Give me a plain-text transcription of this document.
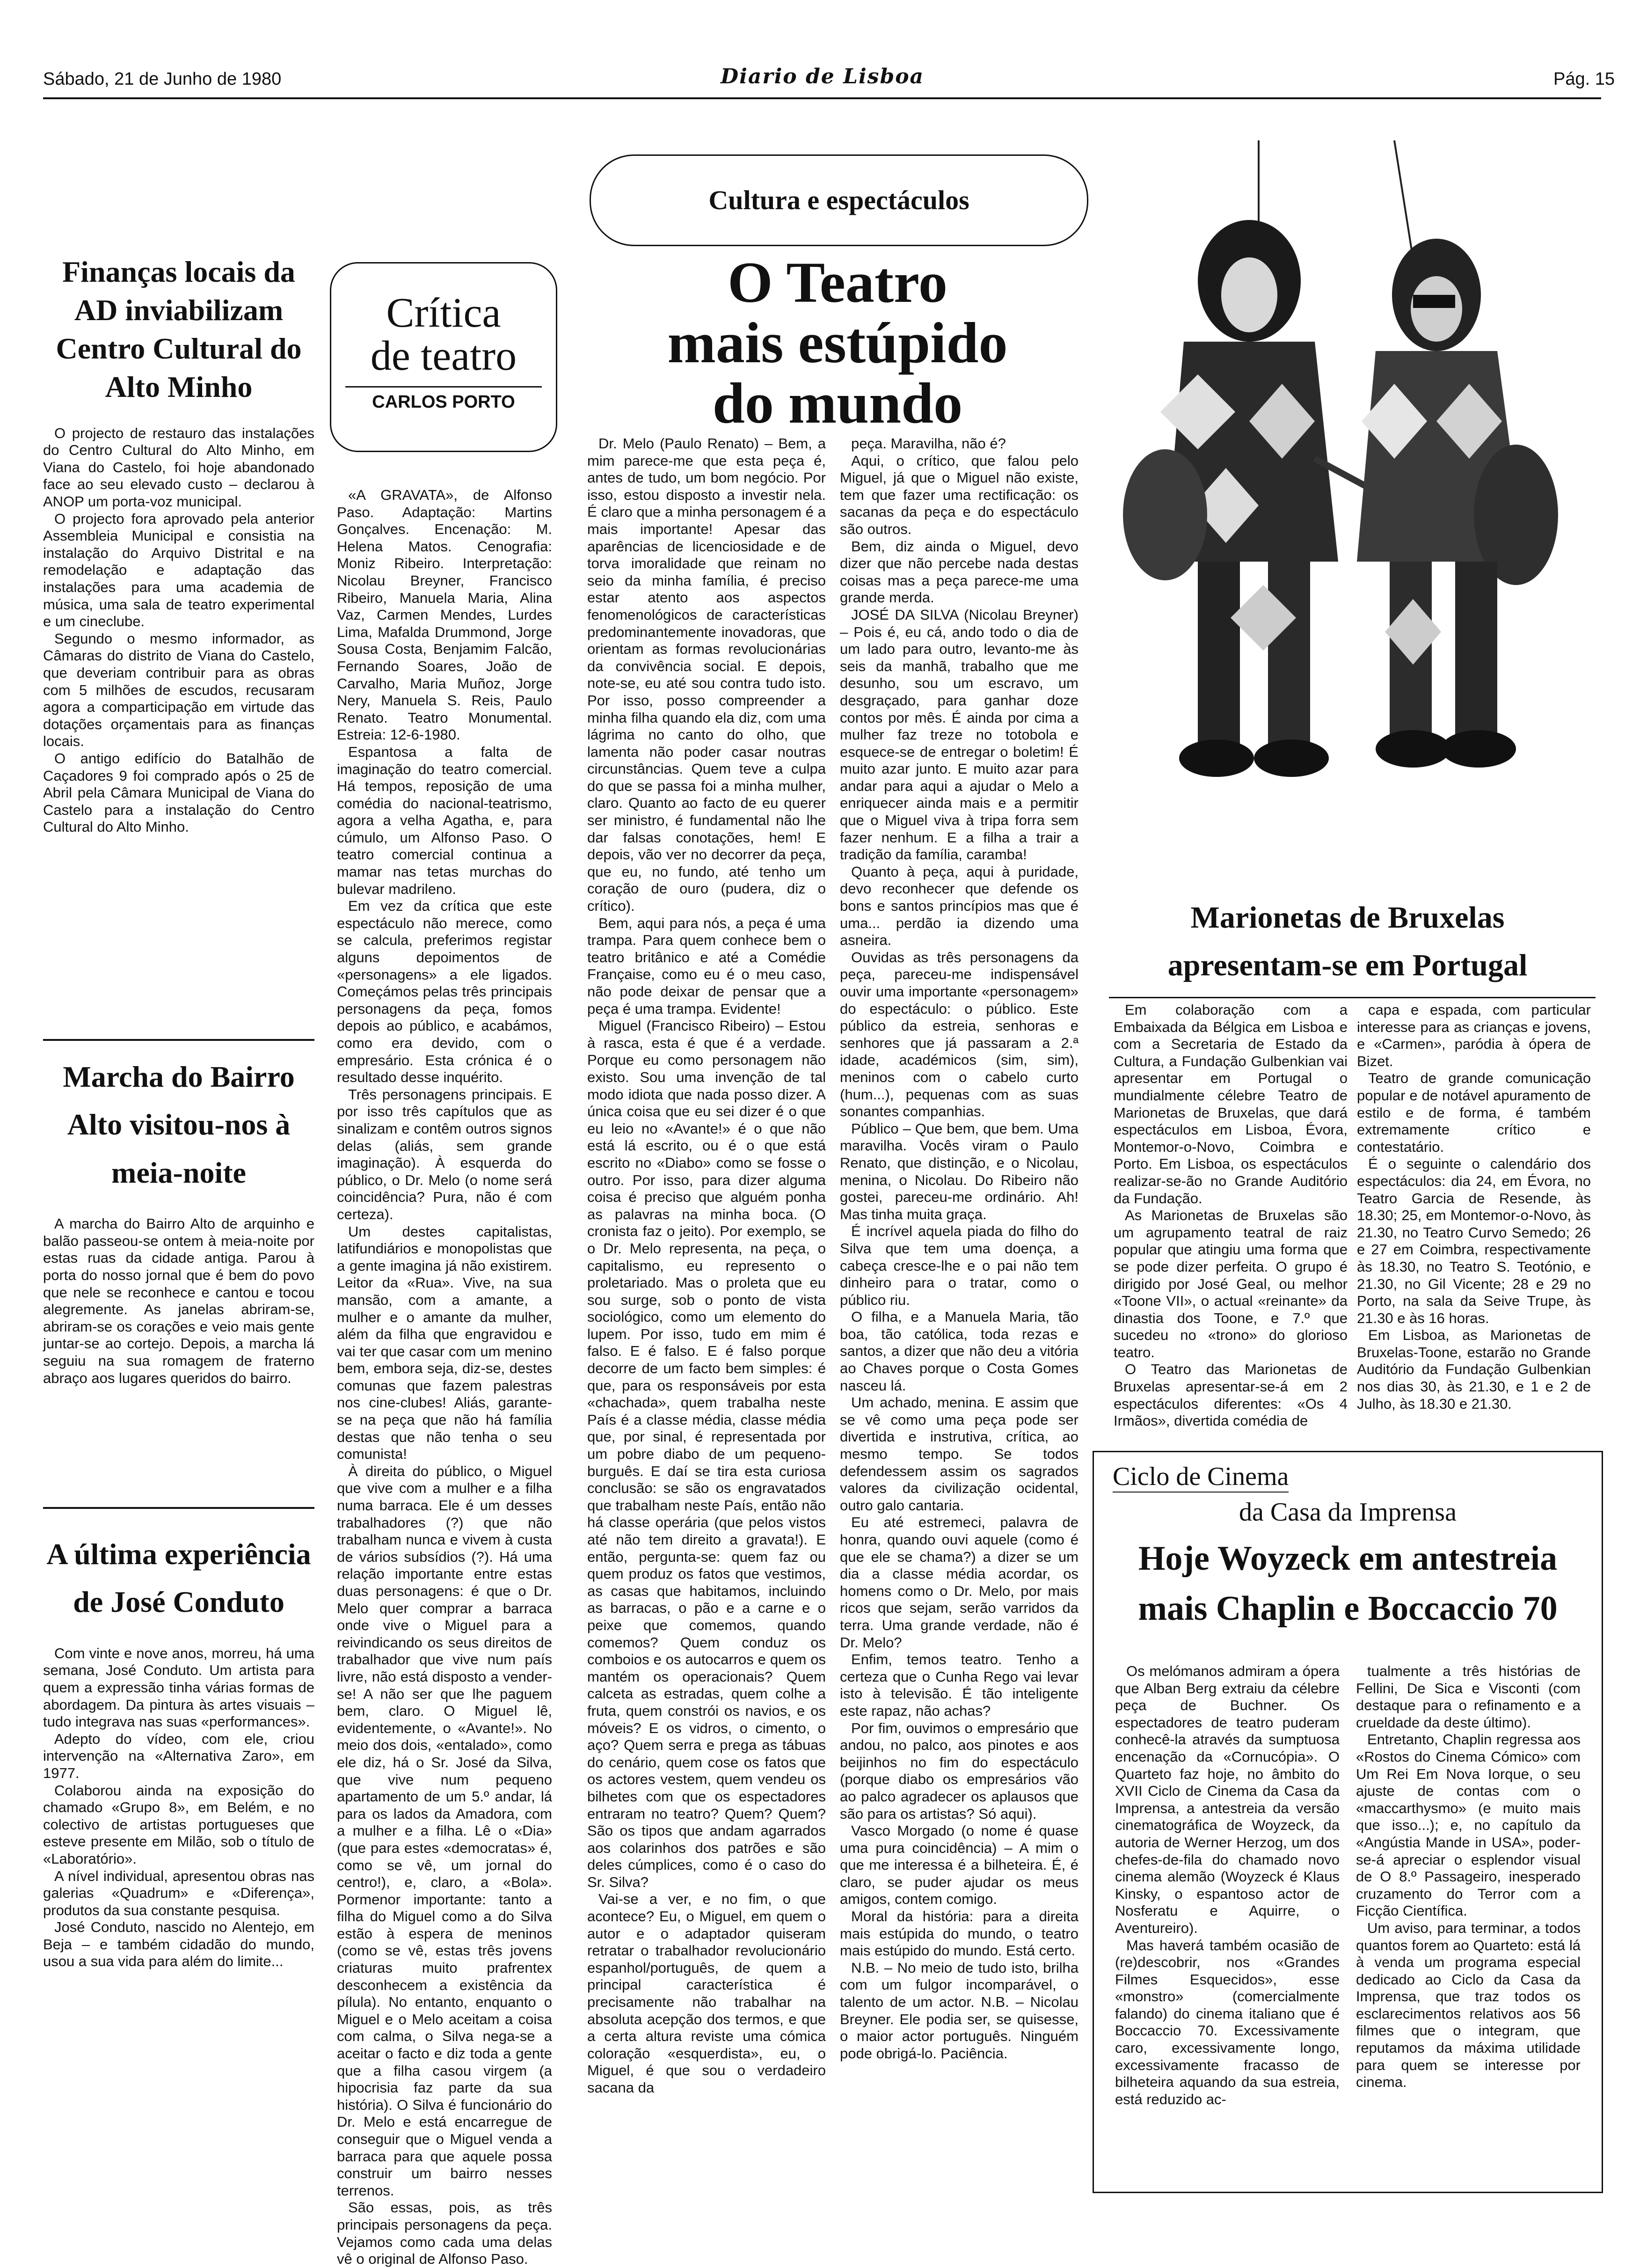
Sábado, 21 de Junho de 1980	Diario de Lisboa	Pág. 15
Finanças locais da AD inviabilizam Centro Cultural do Alto Minho

O projecto de restauro das instalações do Centro Cultural do Alto Minho, em Viana do Castelo, foi hoje abandonado face ao seu elevado custo – declarou à ANOP um porta-voz municipal.

O projecto fora aprovado pela anterior Assembleia Municipal e consistia na instalação do Arquivo Distrital e na remodelação e adaptação das instalações para uma academia de música, uma sala de teatro experimental e um cineclube.

Segundo o mesmo informador, as Câmaras do distrito de Viana do Castelo, que deveriam contribuir para as obras com 5 milhões de escudos, recusaram agora a comparticipação em virtude das dotações orçamentais para as finanças locais.

O antigo edifício do Batalhão de Caçadores 9 foi comprado após o 25 de Abril pela Câmara Municipal de Viana do Castelo para a instalação do Centro Cultural do Alto Minho.

Marcha do Bairro Alto visitou-nos à meia-noite

A marcha do Bairro Alto de arquinho e balão passeou-se ontem à meia-noite por estas ruas da cidade antiga. Parou à porta do nosso jornal que é bem do povo que nele se reconhece e cantou e tocou alegremente. As janelas abriram-se, abriram-se os corações e veio mais gente juntar-se ao cortejo. Depois, a marcha lá seguiu na sua romagem de fraterno abraço aos lugares queridos do bairro.

A última experiência de José Conduto

Com vinte e nove anos, morreu, há uma semana, José Conduto. Um artista para quem a expressão tinha várias formas de abordagem. Da pintura às artes visuais – tudo integrava nas suas «performances».

Adepto do vídeo, com ele, criou intervenção na «Alternativa Zaro», em 1977.

Colaborou ainda na exposição do chamado «Grupo 8», em Belém, e no colectivo de artistas portugueses que esteve presente em Milão, sob o título de «Laboratório».

A nível individual, apresentou obras nas galerias «Quadrum» e «Diferença», produtos da sua constante pesquisa.

José Conduto, nascido no Alentejo, em Beja – e também cidadão do mundo, usou a sua vida para além do limite...

Crítica
de teatro
CARLOS PORTO

«A GRAVATA», de Alfonso Paso. Adaptação: Martins Gonçalves. Encenação: M. Helena Matos. Cenografia: Moniz Ribeiro. Interpretação: Nicolau Breyner, Francisco Ribeiro, Manuela Maria, Alina Vaz, Carmen Mendes, Lurdes Lima, Mafalda Drummond, Jorge Sousa Costa, Benjamim Falcão, Fernando Soares, João de Carvalho, Maria Muñoz, Jorge Nery, Manuela S. Reis, Paulo Renato. Teatro Monumental. Estreia: 12-6-1980.

Espantosa a falta de imaginação do teatro comercial. Há tempos, reposição de uma comédia do nacional-teatrismo, agora a velha Agatha, e, para cúmulo, um Alfonso Paso. O teatro comercial continua a mamar nas tetas murchas do bulevar madrileno.

Em vez da crítica que este espectáculo não merece, como se calcula, preferimos registar alguns depoimentos de «personagens» a ele ligados. Começámos pelas três principais personagens da peça, fomos depois ao público, e acabámos, como era devido, com o empresário. Esta crónica é o resultado desse inquérito.

Três personagens principais. E por isso três capítulos que as sinalizam e contêm outros signos delas (aliás, sem grande imaginação). À esquerda do público, o Dr. Melo (o nome será coincidência? Pura, não é com certeza).

Um destes capitalistas, latifundiários e monopolistas que a gente imagina já não existirem. Leitor da «Rua». Vive, na sua mansão, com a amante, a mulher e o amante da mulher, além da filha que engravidou e vai ter que casar com um menino bem, embora seja, diz-se, destes comunas que fazem palestras nos cine-clubes! Aliás, garante-se na peça que não há família destas que não tenha o seu comunista!

À direita do público, o Miguel que vive com a mulher e a filha numa barraca. Ele é um desses trabalhadores (?) que não trabalham nunca e vivem à custa de vários subsídios (?). Há uma relação importante entre estas duas personagens: é que o Dr. Melo quer comprar a barraca onde vive o Miguel para a reivindicando os seus direitos de trabalhador que vive num país livre, não está disposto a vender-se! A não ser que lhe paguem bem, claro. O Miguel lê, evidentemente, o «Avante!». No meio dos dois, «entalado», como ele diz, há o Sr. José da Silva, que vive num pequeno apartamento de um 5.º andar, lá para os lados da Amadora, com a mulher e a filha. Lê o «Dia» (que para estes «democratas» é, como se vê, um jornal do centro!), e, claro, a «Bola». Pormenor importante: tanto a filha do Miguel como a do Silva estão à espera de meninos (como se vê, estas três jovens criaturas muito prafrentex desconhecem a existência da pílula). No entanto, enquanto o Miguel e o Melo aceitam a coisa com calma, o Silva nega-se a aceitar o facto e diz toda a gente que a filha casou virgem (a hipocrisia faz parte da sua história). O Silva é funcionário do Dr. Melo e está encarregue de conseguir que o Miguel venda a barraca para que aquele possa construir um bairro nesses terrenos.

São essas, pois, as três principais personagens da peça. Vejamos como cada uma delas vê o original de Alfonso Paso.

Cultura e espectáculos
O Teatro
mais estúpido
do mundo

Dr. Melo (Paulo Renato) – Bem, a mim parece-me que esta peça é, antes de tudo, um bom negócio. Por isso, estou disposto a investir nela. É claro que a minha personagem é a mais importante! Apesar das aparências de licenciosidade e de torva imoralidade que reinam no seio da minha família, é preciso estar atento aos aspectos fenomenológicos de características predominantemente inovadoras, que orientam as formas revolucionárias da convivência social. E depois, note-se, eu até sou contra tudo isto. Por isso, posso compreender a minha filha quando ela diz, com uma lágrima no canto do olho, que lamenta não poder casar noutras circunstâncias. Quem teve a culpa do que se passa foi a minha mulher, claro. Quanto ao facto de eu querer ser ministro, é fundamental não lhe dar falsas conotações, hem! E depois, vão ver no decorrer da peça, que eu, no fundo, até tenho um coração de ouro (pudera, diz o crítico).

Bem, aqui para nós, a peça é uma trampa. Para quem conhece bem o teatro britânico e até a Comédie Française, como eu é o meu caso, não pode deixar de pensar que a peça é uma trampa. Evidente!

Miguel (Francisco Ribeiro) – Estou à rasca, esta é que é a verdade. Porque eu como personagem não existo. Sou uma invenção de tal modo idiota que nada posso dizer. A única coisa que eu sei dizer é o que eu leio no «Avante!» é o que não está lá escrito, ou é o que está escrito no «Diabo» como se fosse o outro. Por isso, para dizer alguma coisa é preciso que alguém ponha as palavras na minha boca. (O cronista faz o jeito). Por exemplo, se o Dr. Melo representa, na peça, o capitalismo, eu represento o proletariado. Mas o proleta que eu sou surge, sob o ponto de vista sociológico, como um elemento do lupem. Por isso, tudo em mim é falso. E é falso. E é falso porque decorre de um facto bem simples: é que, para os responsáveis por esta «chachada», quem trabalha neste País é a classe média, classe média que, por sinal, é representada por um pobre diabo de um pequeno-burguês. E daí se tira esta curiosa conclusão: se são os engravatados que trabalham neste País, então não há classe operária (que pelos vistos até não tem direito a gravata!). E então, pergunta-se: quem faz ou quem produz os fatos que vestimos, as casas que habitamos, incluindo as barracas, o pão e a carne e o peixe que comemos, quando comemos? Quem conduz os comboios e os autocarros e quem os mantém os operacionais? Quem calceta as estradas, quem colhe a fruta, quem constrói os navios, e os móveis? E os vidros, o cimento, o aço? Quem serra e prega as tábuas do cenário, quem cose os fatos que os actores vestem, quem vendeu os bilhetes com que os espectadores entraram no teatro? Quem? Quem? São os tipos que andam agarrados aos colarinhos dos patrões e são deles cúmplices, como é o caso do Sr. Silva?

Vai-se a ver, e no fim, o que acontece? Eu, o Miguel, em quem o autor e o adaptador quiseram retratar o trabalhador revolucionário espanhol/português, de quem a principal característica é precisamente não trabalhar na absoluta acepção dos termos, e que a certa altura reviste uma cómica coloração «esquerdista», eu, o Miguel, é que sou o verdadeiro sacana da

peça. Maravilha, não é?

Aqui, o crítico, que falou pelo Miguel, já que o Miguel não existe, tem que fazer uma rectificação: os sacanas da peça e do espectáculo são outros.

Bem, diz ainda o Miguel, devo dizer que não percebe nada destas coisas mas a peça parece-me uma grande merda.

JOSÉ DA SILVA (Nicolau Breyner) – Pois é, eu cá, ando todo o dia de um lado para outro, levanto-me às seis da manhã, trabalho que me desunho, sou um escravo, um desgraçado, para ganhar doze contos por mês. É ainda por cima a mulher faz treze no totobola e esquece-se de entregar o boletim! É muito azar junto. E muito azar para andar para aqui a ajudar o Melo a enriquecer ainda mais e a permitir que o Miguel viva à tripa forra sem fazer nenhum. E a filha a trair a tradição da família, caramba!

Quanto à peça, aqui à puridade, devo reconhecer que defende os bons e santos princípios mas que é uma... perdão ia dizendo uma asneira.

Ouvidas as três personagens da peça, pareceu-me indispensável ouvir uma importante «personagem» do espectáculo: o público. Este público da estreia, senhoras e senhores que já passaram a 2.ª idade, académicos (sim, sim), meninos com o cabelo curto (hum...), pequenas com as suas sonantes companhias.

Público – Que bem, que bem. Uma maravilha. Vocês viram o Paulo Renato, que distinção, e o Nicolau, menina, o Nicolau. Do Ribeiro não gostei, pareceu-me ordinário. Ah! Mas tinha muita graça.

É incrível aquela piada do filho do Silva que tem uma doença, a cabeça cresce-lhe e o pai não tem dinheiro para o tratar, como o público riu.

O filha, e a Manuela Maria, tão boa, tão católica, toda rezas e santos, a dizer que não deu a vitória ao Chaves porque o Costa Gomes nasceu lá.

Um achado, menina. E assim que se vê como uma peça pode ser divertida e instrutiva, crítica, ao mesmo tempo. Se todos defendessem assim os sagrados valores da civilização ocidental, outro galo cantaria.

Eu até estremeci, palavra de honra, quando ouvi aquele (como é que ele se chama?) a dizer se um dia a classe média acordar, os homens como o Dr. Melo, por mais ricos que sejam, serão varridos da terra. Uma grande verdade, não é Dr. Melo?

Enfim, temos teatro. Tenho a certeza que o Cunha Rego vai levar isto à televisão. É tão inteligente este rapaz, não achas?

Por fim, ouvimos o empresário que andou, no palco, aos pinotes e aos beijinhos no fim do espectáculo (porque diabo os empresários vão ao palco agradecer os aplausos que são para os artistas? Só aqui).

Vasco Morgado (o nome é quase uma pura coincidência) – A mim o que me interessa é a bilheteira. É, é claro, se puder ajudar os meus amigos, contem comigo.

Moral da história: para a direita mais estúpida do mundo, o teatro mais estúpido do mundo. Está certo.

N.B. – No meio de tudo isto, brilha com um fulgor incomparável, o talento de um actor. N.B. – Nicolau Breyner. Ele podia ser, se quisesse, o maior actor português. Ninguém pode obrigá-lo. Paciência.

Marionetas de Bruxelas
apresentam-se em Portugal

Em colaboração com a Embaixada da Bélgica em Lisboa e com a Secretaria de Estado da Cultura, a Fundação Gulbenkian vai apresentar em Portugal o mundialmente célebre Teatro de Marionetas de Bruxelas, que dará espectáculos em Lisboa, Évora, Montemor-o-Novo, Coimbra e Porto. Em Lisboa, os espectáculos realizar-se-ão no Grande Auditório da Fundação.

As Marionetas de Bruxelas são um agrupamento teatral de raiz popular que atingiu uma forma que se pode dizer perfeita. O grupo é dirigido por José Geal, ou melhor «Toone VII», o actual «reinante» da dinastia dos Toone, e 7.º que sucedeu no «trono» do glorioso teatro.

O Teatro das Marionetas de Bruxelas apresentar-se-á em 2 espectáculos diferentes: «Os 4 Irmãos», divertida comédia de

capa e espada, com particular interesse para as crianças e jovens, e «Carmen», paródia à ópera de Bizet.

Teatro de grande comunicação popular e de notável apuramento de estilo e de forma, é também extremamente crítico e contestatário.

É o seguinte o calendário dos espectáculos: dia 24, em Évora, no Teatro Garcia de Resende, às 18.30; 25, em Montemor-o-Novo, às 21.30, no Teatro Curvo Semedo; 26 e 27 em Coimbra, respectivamente às 18.30, no Teatro S. Teotónio, e 21.30, no Gil Vicente; 28 e 29 no Porto, na sala da Seive Trupe, às 21.30 e às 16 horas.

Em Lisboa, as Marionetas de Bruxelas-Toone, estarão no Grande Auditório da Fundação Gulbenkian nos dias 30, às 21.30, e 1 e 2 de Julho, às 18.30 e 21.30.

Ciclo de Cinema
da Casa da Imprensa
Hoje Woyzeck em antestreia
mais Chaplin e Boccaccio 70

Os melómanos admiram a ópera que Alban Berg extraiu da célebre peça de Buchner. Os espectadores de teatro puderam conhecê-la através da sumptuosa encenação da «Cornucópia». O Quarteto faz hoje, no âmbito do XVII Ciclo de Cinema da Casa da Imprensa, a antestreia da versão cinematográfica de Woyzeck, da autoria de Werner Herzog, um dos chefes-de-fila do chamado novo cinema alemão (Woyzeck é Klaus Kinsky, o espantoso actor de Nosferatu e Aquirre, o Aventureiro).

Mas haverá também ocasião de (re)descobrir, nos «Grandes Filmes Esquecidos», esse «monstro» (comercialmente falando) do cinema italiano que é Boccaccio 70. Excessivamente caro, excessivamente longo, excessivamente fracasso de bilheteira aquando da sua estreia, está reduzido ac-

tualmente a três histórias de Fellini, De Sica e Visconti (com destaque para o refinamento e a crueldade da deste último).

Entretanto, Chaplin regressa aos «Rostos do Cinema Cómico» com Um Rei Em Nova Iorque, o seu ajuste de contas com o «maccarthysmo» (e muito mais que isso...); e, no capítulo da «Angústia Mande in USA», poder-se-á apreciar o esplendor visual de O 8.º Passageiro, inesperado cruzamento do Terror com a Ficção Científica.

Um aviso, para terminar, a todos quantos forem ao Quarteto: está lá à venda um programa especial dedicado ao Ciclo da Casa da Imprensa, que traz todos os esclarecimentos relativos aos 56 filmes que o integram, que reputamos da máxima utilidade para quem se interesse por cinema.
